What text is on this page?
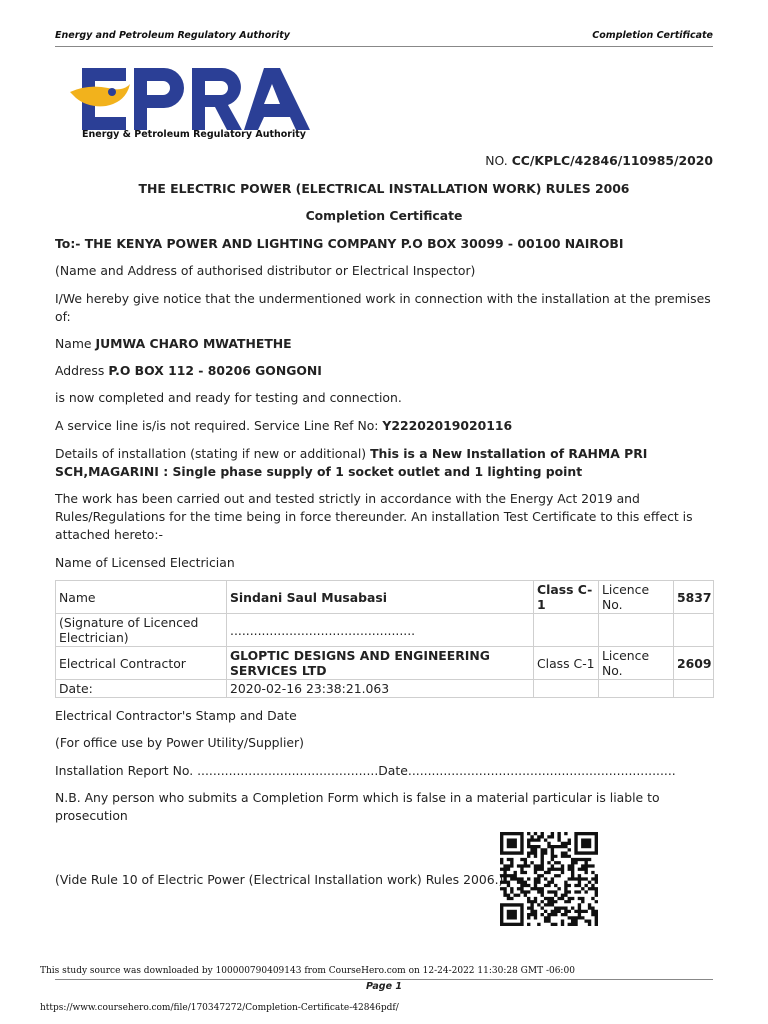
Energy and Petroleum Regulatory Authority	Completion Certificate
Energy & Petroleum Regulatory Authority
NO. CC/KPLC/42846/110985/2020
THE ELECTRIC POWER (ELECTRICAL INSTALLATION WORK) RULES 2006
Completion Certificate
To:- THE KENYA POWER AND LIGHTING COMPANY P.O BOX 30099 - 00100 NAIROBI
(Name and Address of authorised distributor or Electrical Inspector)
I/We hereby give notice that the undermentioned work in connection with the installation at the premises of:
Name JUMWA CHARO MWATHETHE
Address P.O BOX 112 - 80206 GONGONI
is now completed and ready for testing and connection.
A service line is/is not required. Service Line Ref No: Y22202019020116
Details of installation (stating if new or additional) This is a New Installation of RAHMA PRI SCH,MAGARINI : Single phase supply of 1 socket outlet and 1 lighting point
The work has been carried out and tested strictly in accordance with the Energy Act 2019 and Rules/Regulations for the time being in force thereunder. An installation Test Certificate to this effect is attached hereto:-
Name of Licensed Electrician
Name	Sindani Saul Musabasi	Class C-1	Licence No.	5837
(Signature of Licenced Electrician)	...............................................			
Electrical Contractor	GLOPTIC DESIGNS AND ENGINEERING SERVICES LTD	Class C-1	Licence No.	2609
Date:	2020-02-16 23:38:21.063			
Electrical Contractor's Stamp and Date
(For office use by Power Utility/Supplier)
Installation Report No. ..............................................Date....................................................................
N.B. Any person who submits a Completion Form which is false in a material particular is liable to prosecution
(Vide Rule 10 of Electric Power (Electrical Installation work) Rules 2006.)
This study source was downloaded by 100000790409143 from CourseHero.com on 12-24-2022 11:30:28 GMT -06:00
Page 1
https://www.coursehero.com/file/170347272/Completion-Certificate-42846pdf/
